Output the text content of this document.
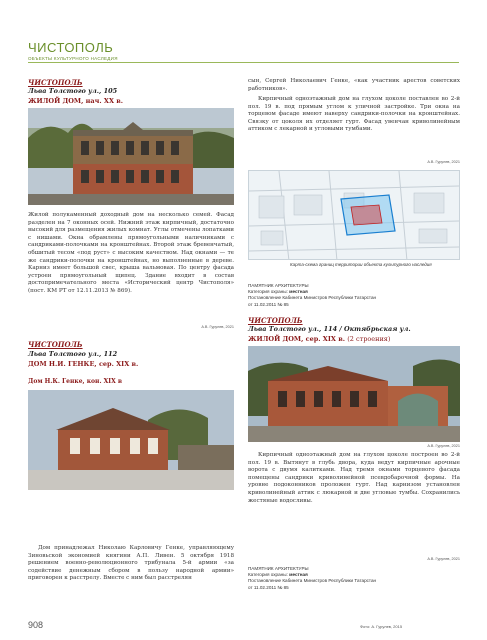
ЧИСТОПОЛЬ
ОБЪЕКТЫ КУЛЬТУРНОГО НАСЛЕДИЯ
ЧИСТОПОЛЬ
Льва Толстого ул., 105
ЖИЛОЙ ДОМ, нач. XX в.
Жилой полукаменный доходный дом на несколько семей. Фасад разделен на 7 оконных осей. Нижний этаж кирпичный, достаточно высокий для размещения жилых комнат. Углы отмечены лопатками с нишами. Окна обрамлены прямоугольными наличниками с сандриками-полочками на кронштейнах. Второй этаж бревенчатый, обшитый тесом «под руст» с высоким качеством. Над окнами — те же сандрики-полочки на кронштейнах, но выполненные в дереве. Карниз имеет большой свес, крыша вальмовая. По центру фасада устроен прямоугольный щипец. Здание входит в состав достопримечательного места «Исторический центр Чистополя» (пост. КМ РТ от 12.11.2013 № 869).
А.В. Гурулев, 2021
сын, Сергей Николаевич Генке, «как участник арестов советских работников».
Кирпичный одноэтажный дом на глухом цоколе поставлен во 2-й пол. 19 в. под прямым углом к уличной застройке. Три окна на торцевом фасаде имеют наверху сандрики-полочки на кронштейнах. Связку от цоколя их отделяет гурт. Фасад увенчан криволинейным аттиком с лекарной и угловыми тумбами.
А.В. Гурулев, 2021
Карта-схема границ территории объекта культурного наследия
ПАМЯТНИК АРХИТЕКТУРЫ
Категория охраны: местная
Постановление Кабинета Министров Республики Татарстан
от 11.02.2011 № 85
ЧИСТОПОЛЬ
Льва Толстого ул., 114 / Октябрьская ул.
ЖИЛОЙ ДОМ, сер. XIX в. (2 строения)
А.В. Гурулев, 2021
ЧИСТОПОЛЬ
Льва Толстого ул., 112
ДОМ Н.И. ГЕНКЕ, сер. XIX в.
Дом Н.К. Генке, кон. XIX в
Дом принадлежал Николаю Карловичу Генке, управляющему Зиновьской экономией княгини А.П. Ливен. 5 октября 1918 решением военно-революционного трибунала 5-й армии «за содействие денежным сбором в пользу народной армии» приговорен к расстрелу. Вместе с ним был расстрелян
Кирпичный одноэтажный дом на глухом цоколе построен во 2-й пол. 19 в. Вытянут в глубь двора, куда ведут кирпичные арочные ворота с двумя калитками. Над тремя окнами торцевого фасада помещены сандрики криволинейной псевдобарочной формы. На уровне подоконников проложен гурт. Над карнизом установлен криволинейный аттик с люкарной и две угловые тумбы. Сохранились жестяные водосливы.
А.В. Гурулев, 2021
ПАМЯТНИК АРХИТЕКТУРЫ
Категория охраны: местная
Постановление Кабинета Министров Республики Татарстан
от 11.02.2011 № 85
908	Фото: А. Гурулев, 2015
